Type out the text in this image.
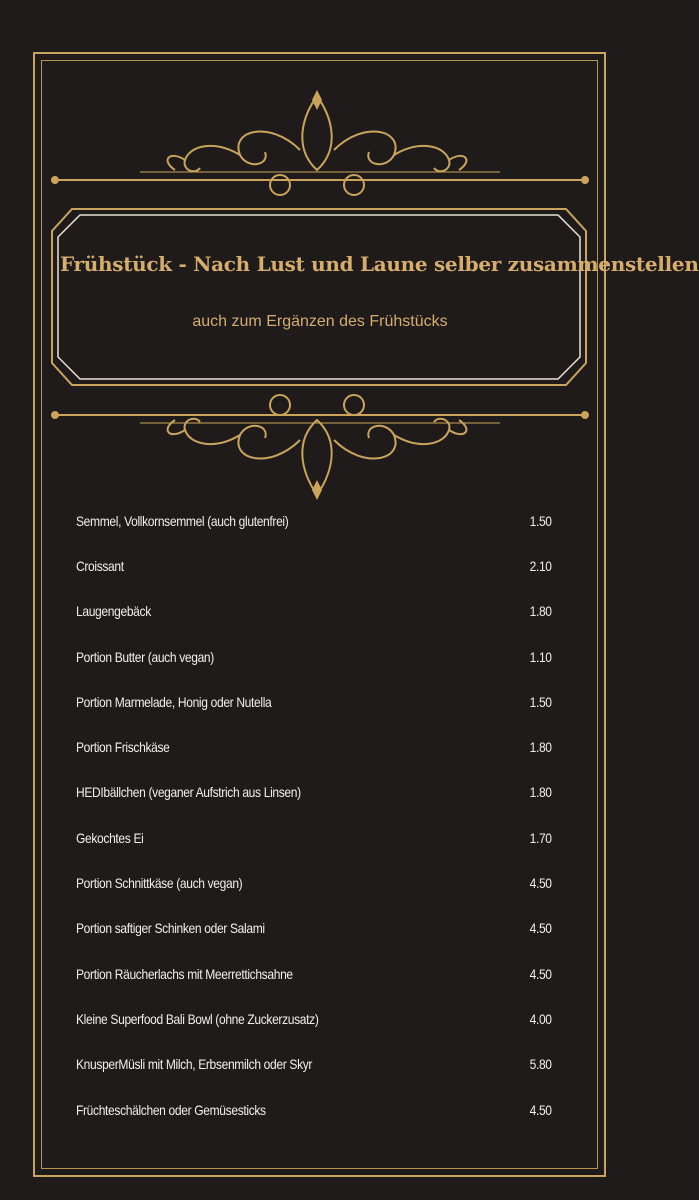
Frühstück - Nach Lust und Laune selber zusammenstellen
auch zum Ergänzen des Frühstücks
Semmel, Vollkornsemmel (auch glutenfrei)	1.50
Croissant	2.10
Laugengebäck	1.80
Portion Butter (auch vegan)	1.10
Portion Marmelade, Honig oder Nutella	1.50
Portion Frischkäse	1.80
HEDIbällchen (veganer Aufstrich aus Linsen)	1.80
Gekochtes Ei	1.70
Portion Schnittkäse (auch vegan)	4.50
Portion saftiger Schinken oder Salami	4.50
Portion Räucherlachs mit Meerrettichsahne	4.50
Kleine Superfood Bali Bowl (ohne Zuckerzusatz)	4.00
KnusperMüsli mit Milch, Erbsenmilch oder Skyr	5.80
Früchteschälchen oder Gemüsesticks	4.50
